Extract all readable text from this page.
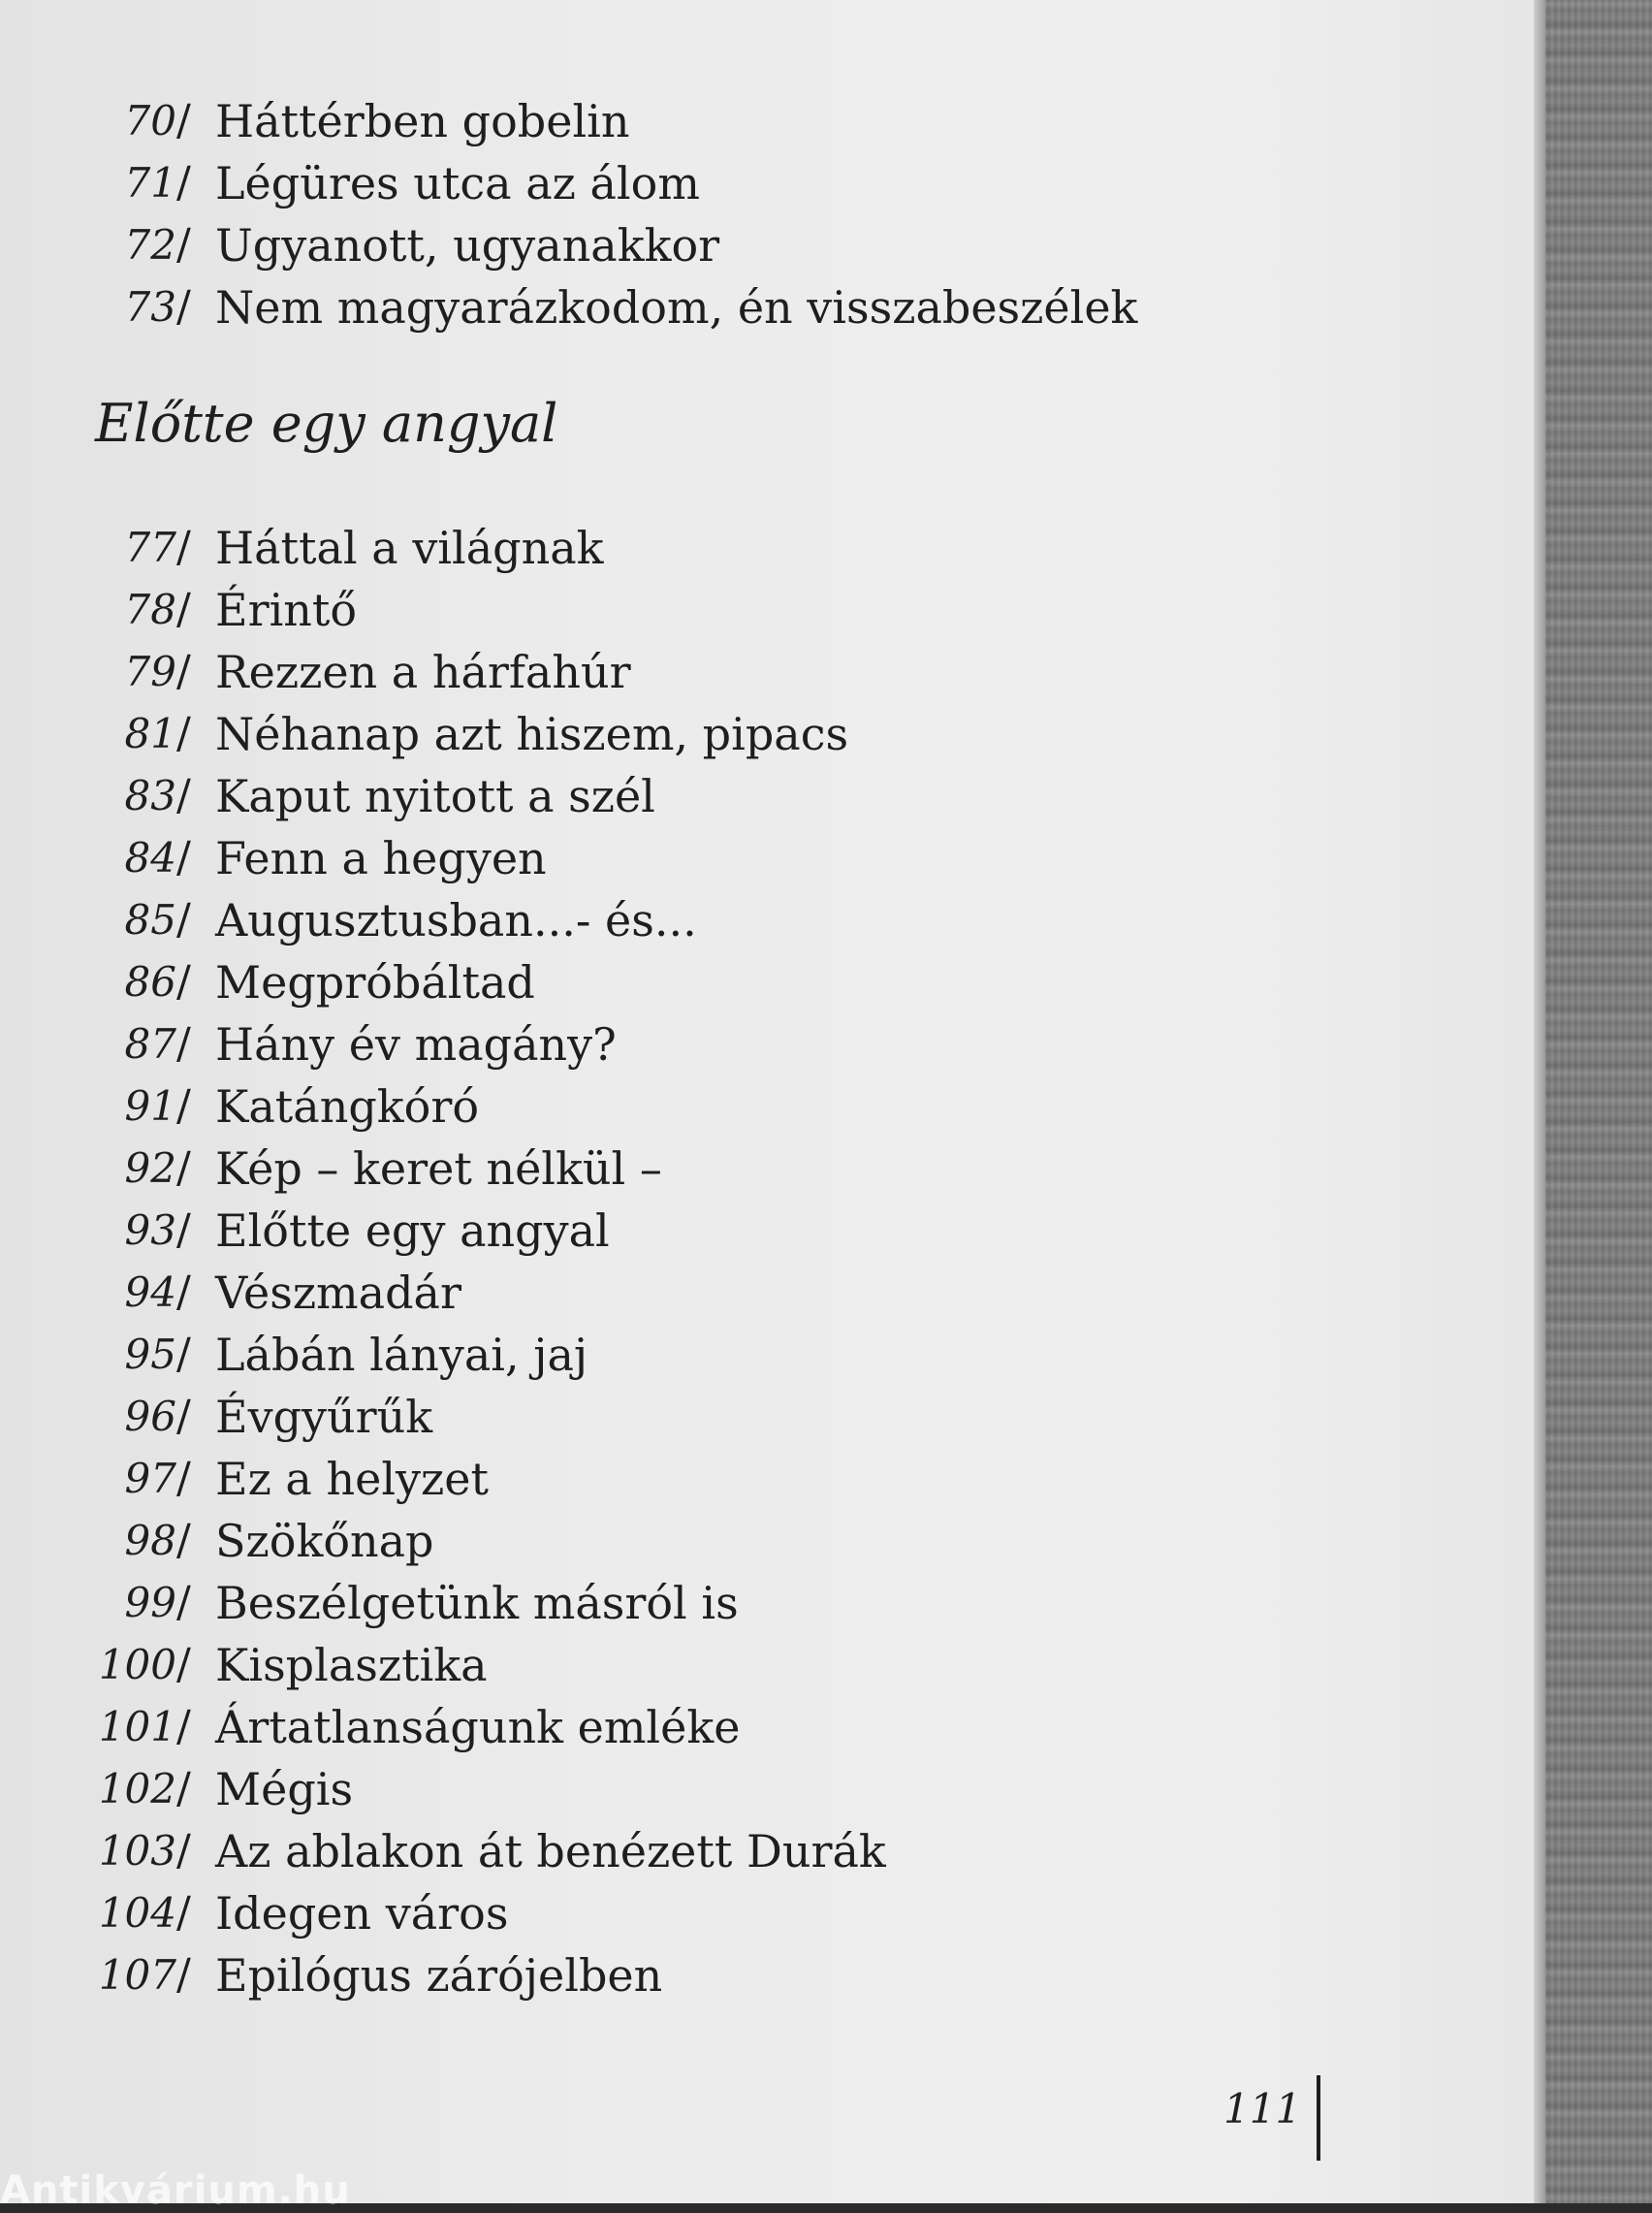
70 / Háttérben gobelin
71 / Légüres utca az álom
72 / Ugyanott, ugyanakkor
73 / Nem magyarázkodom, én visszabeszélek
Előtte egy angyal
77 / Háttal a világnak
78 / Érintő
79 / Rezzen a hárfahúr
81 / Néhanap azt hiszem, pipacs
83 / Kaput nyitott a szél
84 / Fenn a hegyen
85 / Augusztusban...- és...
86 / Megpróbáltad
87 / Hány év magány?
91 / Katángkóró
92 / Kép – keret nélkül –
93 / Előtte egy angyal
94 / Vészmadár
95 / Lábán lányai, jaj
96 / Évgyűrűk
97 / Ez a helyzet
98 / Szökőnap
99 / Beszélgetünk másról is
100 / Kisplasztika
101 / Ártatlanságunk emléke
102 / Mégis
103 / Az ablakon át benézett Durák
104 / Idegen város
107 / Epilógus zárójelben
111
Antikvárium.hu
